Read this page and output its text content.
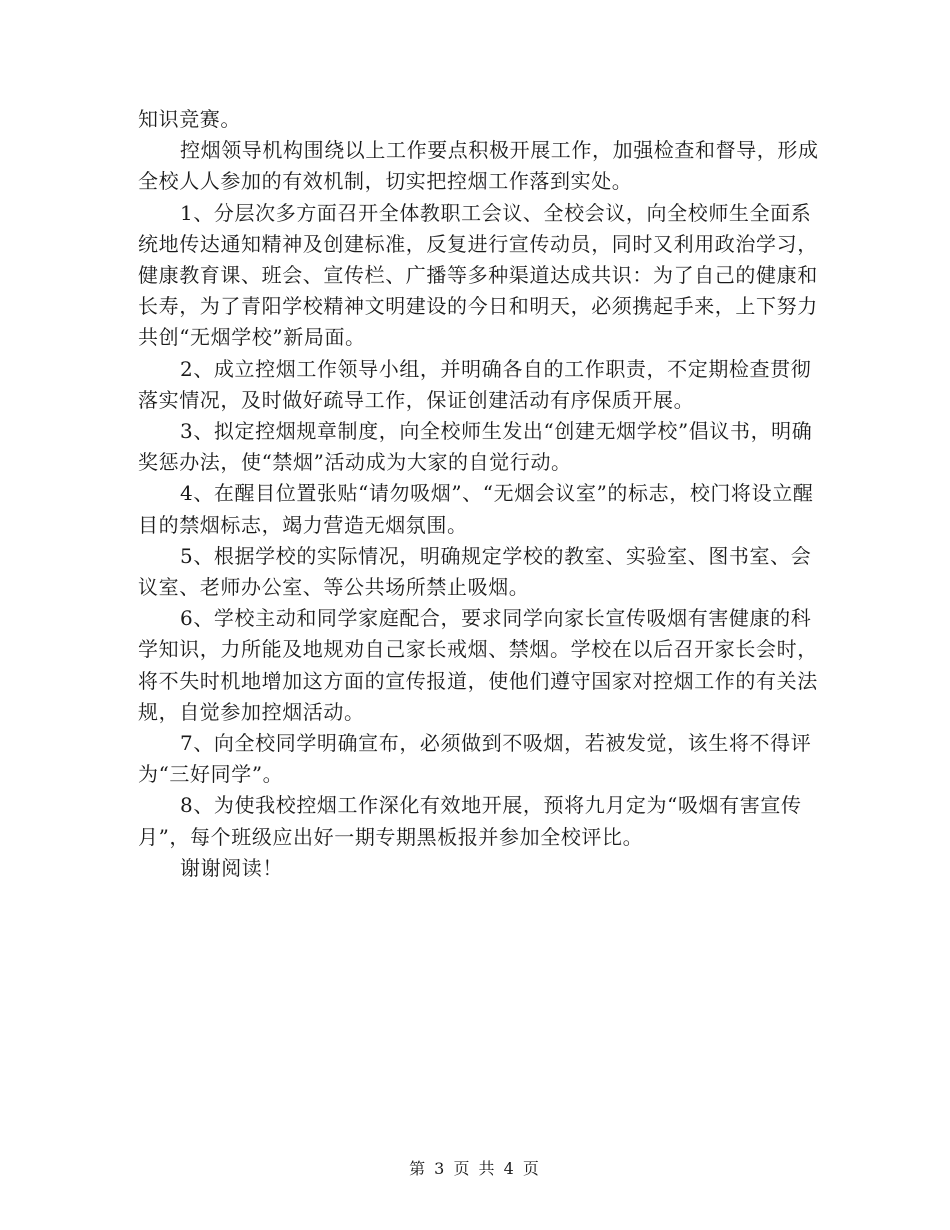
知识竞赛。

控烟领导机构围绕以上工作要点积极开展工作，加强检查和督导，形成全校人人参加的有效机制，切实把控烟工作落到实处。

1、分层次多方面召开全体教职工会议、全校会议，向全校师生全面系统地传达通知精神及创建标准，反复进行宣传动员，同时又利用政治学习，健康教育课、班会、宣传栏、广播等多种渠道达成共识：为了自己的健康和长寿，为了青阳学校精神文明建设的今日和明天，必须携起手来，上下努力共创“无烟学校”新局面。

2、成立控烟工作领导小组，并明确各自的工作职责，不定期检查贯彻落实情况，及时做好疏导工作，保证创建活动有序保质开展。

3、拟定控烟规章制度，向全校师生发出“创建无烟学校”倡议书，明确奖惩办法，使“禁烟”活动成为大家的自觉行动。

4、在醒目位置张贴“请勿吸烟”、“无烟会议室”的标志，校门将设立醒目的禁烟标志，竭力营造无烟氛围。

5、根据学校的实际情况，明确规定学校的教室、实验室、图书室、会议室、老师办公室、等公共场所禁止吸烟。

6、学校主动和同学家庭配合，要求同学向家长宣传吸烟有害健康的科学知识，力所能及地规劝自己家长戒烟、禁烟。学校在以后召开家长会时，将不失时机地增加这方面的宣传报道，使他们遵守国家对控烟工作的有关法规，自觉参加控烟活动。

7、向全校同学明确宣布，必须做到不吸烟，若被发觉，该生将不得评为“三好同学”。

8、为使我校控烟工作深化有效地开展，预将九月定为“吸烟有害宣传月”，每个班级应出好一期专期黑板报并参加全校评比。

谢谢阅读！

第 3 页 共 4 页
